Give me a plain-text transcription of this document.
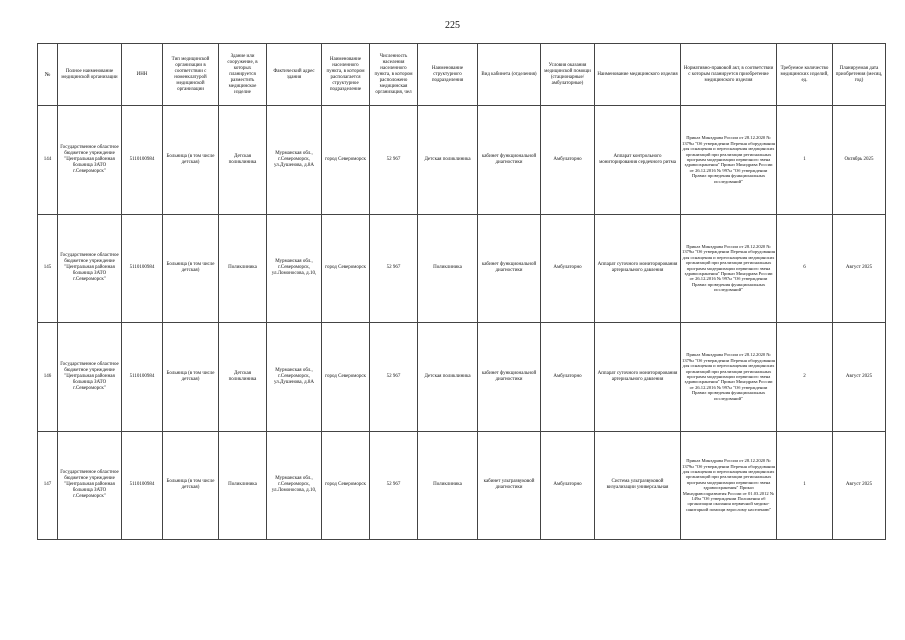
225
№	Полное наименование медицинской организации	ИНН	Тип медицинской организации в соответствии с номенклатурой медицинской организации	Здание или сооружение, в которых планируется разместить медицинское изделие	Фактический адрес здания	Наименование населенного пункта, в котором располагается структурное подразделение	Численность населения населенного пункта, в котором расположено медицинская организация, чел	Наименование структурного подразделения	Вид кабинета (отделения)	Условия оказания медицинской помощи (стационарные/амбулаторные)	Наименование медицинского изделия	Нормативно-правовой акт, в соответствии с которым планируется приобретение медицинского изделия	Требуемое количество медицинских изделий, ед.	Планируемая дата приобретения (месяц, год)
144	Государственное областное бюджетное учреждение "Центральная районная больница ЗАТО г.Североморск"	5110100984	Больница (в том числе детская)	Детская поликлиника	Мурманская обл., г.Североморск, ул.Душенова, д.8А	город Североморск	52 967	Детская поликлиника	кабинет функциональной диагностики	Амбулаторно	Аппарат контрольного мониторирования сердечного ритма	Приказ Минздрава России от 28.12.2020 № 1379н "Об утверждении Перечня оборудования для оснащения и переоснащения медицинских организаций при реализации региональных программ модернизации первичного звена здравоохранения" Приказ Минздрава России от 26.12.2016 № 997н "Об утверждении Правил проведения функциональных исследований"	1	Октябрь 2025
145	Государственное областное бюджетное учреждение "Центральная районная больница ЗАТО г.Североморск"	5110100984	Больница (в том числе детская)	Поликлиника	Мурманская обл., г.Североморск, ул.Ломоносова, д.10,	город Североморск	52 967	Поликлиника	кабинет функциональной диагностики	Амбулаторно	Аппарат суточного мониторирования артериального давления	Приказ Минздрава России от 28.12.2020 № 1379н "Об утверждении Перечня оборудования для оснащения и переоснащения медицинских организаций при реализации региональных программ модернизации первичного звена здравоохранения" Приказ Минздрава России от 26.12.2016 № 997н "Об утверждении Правил проведения функциональных исследований"	6	Август 2025
146	Государственное областное бюджетное учреждение "Центральная районная больница ЗАТО г.Североморск"	5110100984	Больница (в том числе детская)	Детская поликлиника	Мурманская обл., г.Североморск, ул.Душенова, д.8А	город Североморск	52 967	Детская поликлиника	кабинет функциональной диагностики	Амбулаторно	Аппарат суточного мониторирования артериального давления	Приказ Минздрава России от 28.12.2020 № 1379н "Об утверждении Перечня оборудования для оснащения и переоснащения медицинских организаций при реализации региональных программ модернизации первичного звена здравоохранения" Приказ Минздрава России от 26.12.2016 № 997н "Об утверждении Правил проведения функциональных исследований"	2	Август 2025
147	Государственное областное бюджетное учреждение "Центральная районная больница ЗАТО г.Североморск"	5110100984	Больница (в том числе детская)	Поликлиника	Мурманская обл., г.Североморск, ул.Ломоносова, д.10,	город Североморск	52 967	Поликлиника	кабинет ультразвуковой диагностики	Амбулаторно	Система ультразвуковой визуализации универсальная	Приказ Минздрава России от 28.12.2020 № 1379н "Об утверждении Перечня оборудования для оснащения и переоснащения медицинских организаций при реализации региональных программ модернизации первичного звена здравоохранения" Приказ Минздравсоцразвития России от 01.03.2012 № 149н "Об утверждении Положения об организации оказания первичной медико-санитарной помощи взрослому населению"	1	Август 2025
